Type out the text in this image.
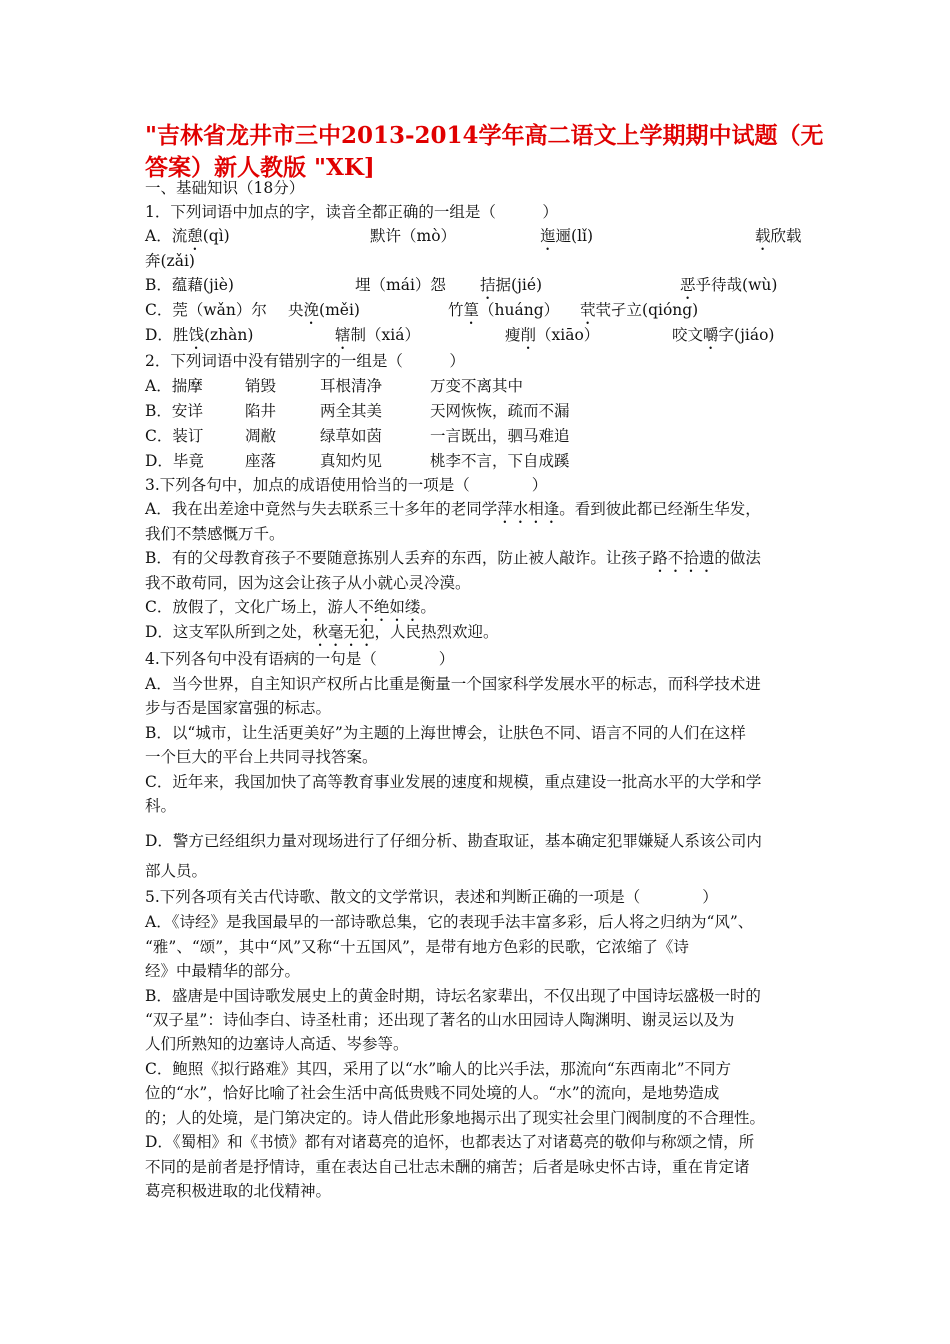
"吉林省龙井市三中2013-2014学年高二语文上学期期中试题（无答案）新人教版 "XK]
一、基础知识（18分）
1．下列词语中加点的字，读音全都正确的一组是（　　　）
A．流憩(qì)	默许（mò）	迤逦(lǐ)	载欣载
奔(zǎi)
B．蕴藉(jiè)	埋（mái）怨 拮据(jié)	恶乎待哉(wù)
C．莞（wǎn）尔 央浼(měi)	竹篁（huáng） 茕茕孑立(qióng)
D．胜饯(zhàn)	辖制（xiá）	瘦削（xiāo）	咬文嚼字(jiáo)
2．下列词语中没有错别字的一组是（　　　）
A．揣摩	销毁	耳根清净	万变不离其中
B．安详	陷井	两全其美	天网恢恢，疏而不漏
C．装订	凋敝	绿草如茵	一言既出，驷马难追
D．毕竟	座落	真知灼见	桃李不言，下自成蹊
3.下列各句中，加点的成语使用恰当的一项是（　　　　）
A．我在出差途中竟然与失去联系三十多年的老同学萍水相逢。看到彼此都已经渐生华发，
我们不禁感慨万千。
B．有的父母教育孩子不要随意拣别人丢弃的东西，防止被人敲诈。让孩子路不拾遗的做法
我不敢苟同，因为这会让孩子从小就心灵冷漠。
C．放假了，文化广场上，游人不绝如缕。
D．这支军队所到之处，秋毫无犯，人民热烈欢迎。
4.下列各句中没有语病的一句是（　　　　）
A．当今世界，自主知识产权所占比重是衡量一个国家科学发展水平的标志，而科学技术进
步与否是国家富强的标志。
B．以“城市，让生活更美好”为主题的上海世博会，让肤色不同、语言不同的人们在这样
一个巨大的平台上共同寻找答案。
C．近年来，我国加快了高等教育事业发展的速度和规模，重点建设一批高水平的大学和学
科。
D．警方已经组织力量对现场进行了仔细分析、勘查取证，基本确定犯罪嫌疑人系该公司内
部人员。
5.下列各项有关古代诗歌、散文的文学常识，表述和判断正确的一项是（　　　　）
A．《诗经》是我国最早的一部诗歌总集，它的表现手法丰富多彩，后人将之归纳为“风”、
“雅”、“颂”，其中“风”又称“十五国风”，是带有地方色彩的民歌，它浓缩了《诗
经》中最精华的部分。
B．盛唐是中国诗歌发展史上的黄金时期，诗坛名家辈出，不仅出现了中国诗坛盛极一时的
“双子星”：诗仙李白、诗圣杜甫；还出现了著名的山水田园诗人陶渊明、谢灵运以及为
人们所熟知的边塞诗人高适、岑参等。
C．鲍照《拟行路难》其四，采用了以“水”喻人的比兴手法，那流向“东西南北”不同方
位的“水”，恰好比喻了社会生活中高低贵贱不同处境的人。“水”的流向，是地势造成
的；人的处境，是门第决定的。诗人借此形象地揭示出了现实社会里门阀制度的不合理性。
D．《蜀相》和《书愤》都有对诸葛亮的追怀，也都表达了对诸葛亮的敬仰与称颂之情，所
不同的是前者是抒情诗，重在表达自己壮志未酬的痛苦；后者是咏史怀古诗，重在肯定诸
葛亮积极进取的北伐精神。
